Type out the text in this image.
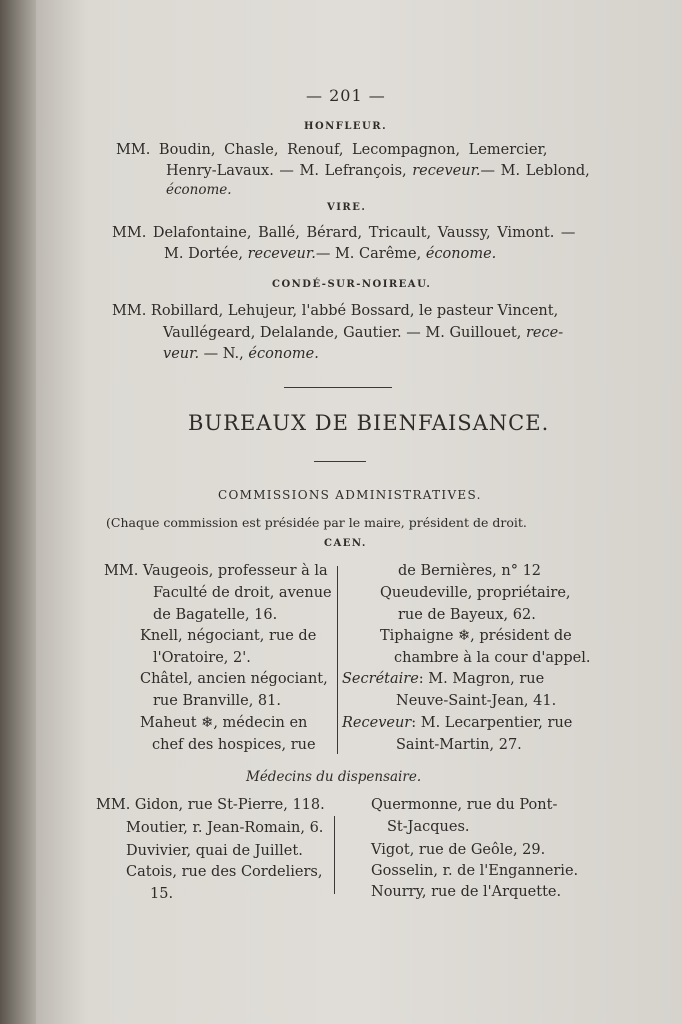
— 201 —
HONFLEUR.
MM. Boudin, Chasle, Renouf, Lecompagnon, Lemercier,
Henry-Lavaux. — M. Lefrançois, receveur.— M. Leblond,
économe.
VIRE.
MM. Delafontaine, Ballé, Bérard, Tricault, Vaussy, Vimont. —
M. Dortée, receveur.— M. Carême, économe.
CONDÉ-SUR-NOIREAU.
MM. Robillard, Lehujeur, l'abbé Bossard, le pasteur Vincent,
Vaullégeard, Delalande, Gautier. — M. Guillouet, rece-
veur. — N., économe.
BUREAUX DE BIENFAISANCE.
COMMISSIONS ADMINISTRATIVES.
(Chaque commission est présidée par le maire, président de droit.
CAEN.
MM. Vaugeois, professeur à la
Faculté de droit, avenue
de Bagatelle, 16.
Knell, négociant, rue de
l'Oratoire, 2'.
Châtel, ancien négociant,
rue Branville, 81.
Maheut ❄, médecin en
chef des hospices, rue
de Bernières, n° 12
Queudeville, propriétaire,
rue de Bayeux, 62.
Tiphaigne ❄, président de
chambre à la cour d'appel.
Secrétaire: M. Magron, rue
Neuve-Saint-Jean, 41.
Receveur: M. Lecarpentier, rue
Saint-Martin, 27.
Médecins du dispensaire.
MM. Gidon, rue St-Pierre, 118.
Moutier, r. Jean-Romain, 6.
Duvivier, quai de Juillet.
Catois, rue des Cordeliers,
15.
Quermonne, rue du Pont-
St-Jacques.
Vigot, rue de Geôle, 29.
Gosselin, r. de l'Engannerie.
Nourry, rue de l'Arquette.
